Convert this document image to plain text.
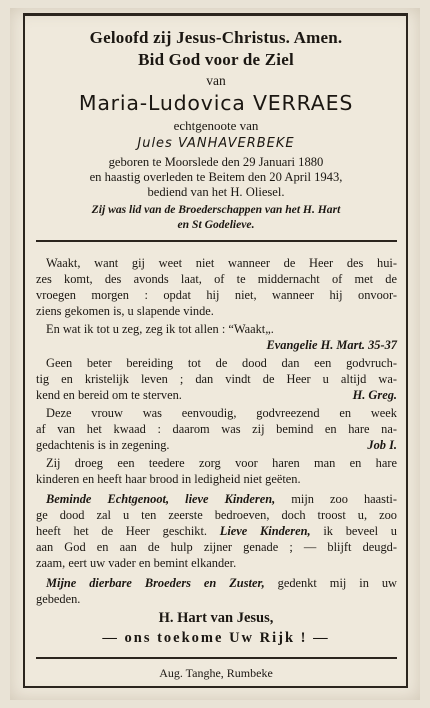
Geloofd zij Jesus-Christus. Amen.
Bid God voor de Ziel
van
Maria-Ludovica VERRAES
echtgenoote van
Jules VANHAVERBEKE
geboren te Moorslede den 29 Januari 1880
en haastig overleden te Beitem den 20 April 1943,
bediend van het H. Oliesel.
Zij was lid van de Broederschappen van het H. Hart
en St Godelieve.
Waakt, want gij weet niet wanneer de Heer des hui-
zes komt, des avonds laat, of te middernacht of met de
vroegen morgen : opdat hij niet, wanneer hij onvoor-
ziens gekomen is, u slapende vinde.
En wat ik tot u zeg, zeg ik tot allen : “Waakt„.
Evangelie H. Mart. 35-37
Geen beter bereiding tot de dood dan een godvruch-
tig en kristelijk leven ; dan vindt de Heer u altijd wa-
kend en bereid om te sterven.	H. Greg.
Deze vrouw was eenvoudig, godvreezend en week
af van het kwaad : daarom was zij bemind en hare na-
gedachtenis is in zegening.	Job I.
Zij droeg een teedere zorg voor haren man en hare
kinderen en heeft haar brood in ledigheid niet geëten.
Beminde Echtgenoot, lieve Kinderen, mijn zoo haasti-
ge dood zal u ten zeerste bedroeven, doch troost u, zoo
heeft het de Heer geschikt. Lieve Kinderen, ik beveel u
aan God en aan de hulp zijner genade ; — blijft deugd-
zaam, eert uw vader en bemint elkander.
Mijne dierbare Broeders en Zuster, gedenkt mij in uw
gebeden.
H. Hart van Jesus,
— ons toekome Uw Rijk ! —
Aug. Tanghe, Rumbeke
